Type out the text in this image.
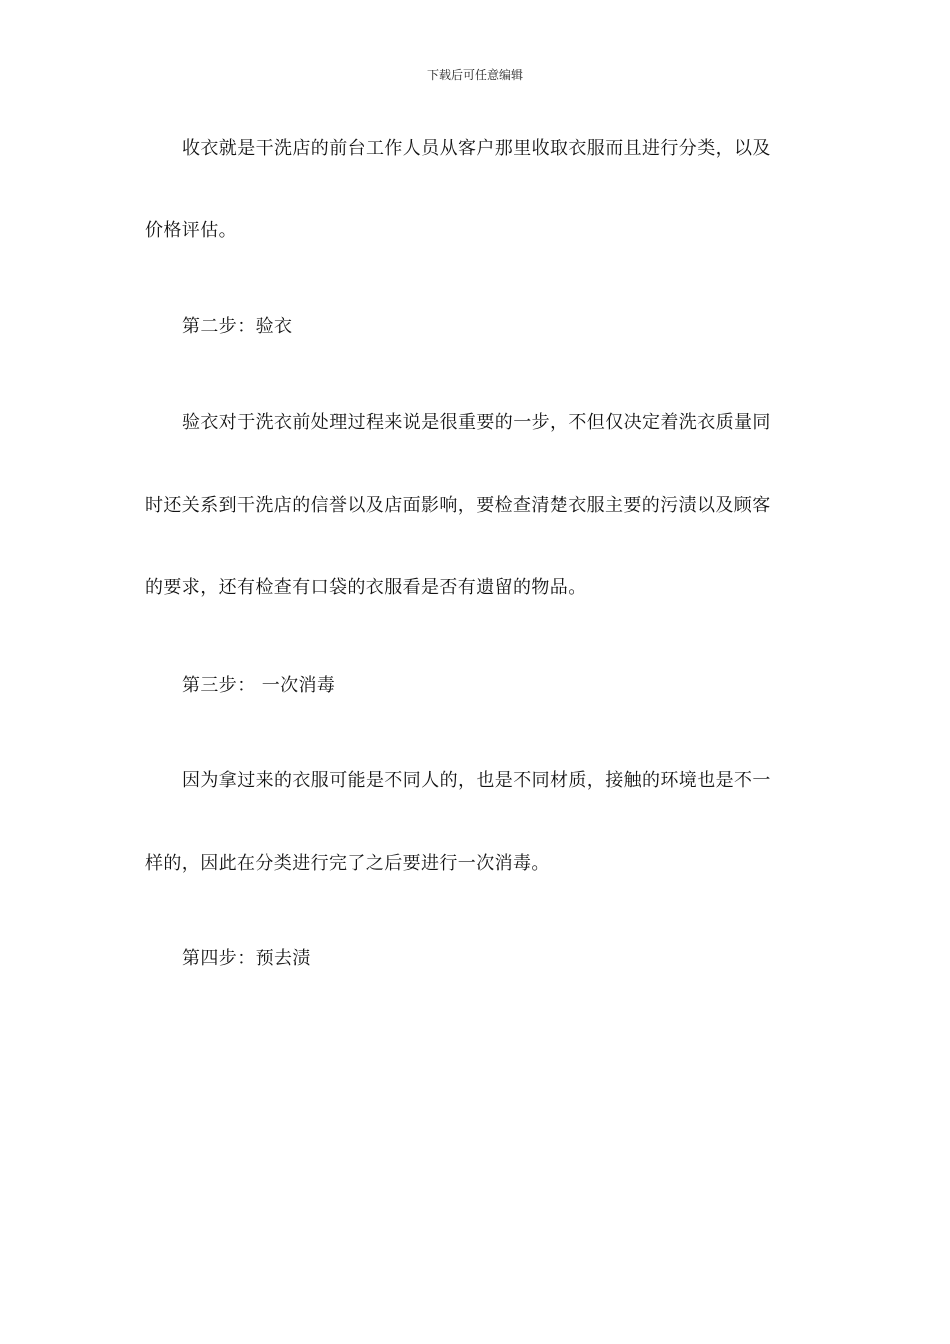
下载后可任意编辑
收衣就是干洗店的前台工作人员从客户那里收取衣服而且进行分类，以及
价格评估。
第二步：验衣
验衣对于洗衣前处理过程来说是很重要的一步，不但仅决定着洗衣质量同
时还关系到干洗店的信誉以及店面影响，要检查清楚衣服主要的污渍以及顾客
的要求，还有检查有口袋的衣服看是否有遗留的物品。
第三步： 一次消毒
因为拿过来的衣服可能是不同人的，也是不同材质，接触的环境也是不一
样的，因此在分类进行完了之后要进行一次消毒。
第四步：预去渍
